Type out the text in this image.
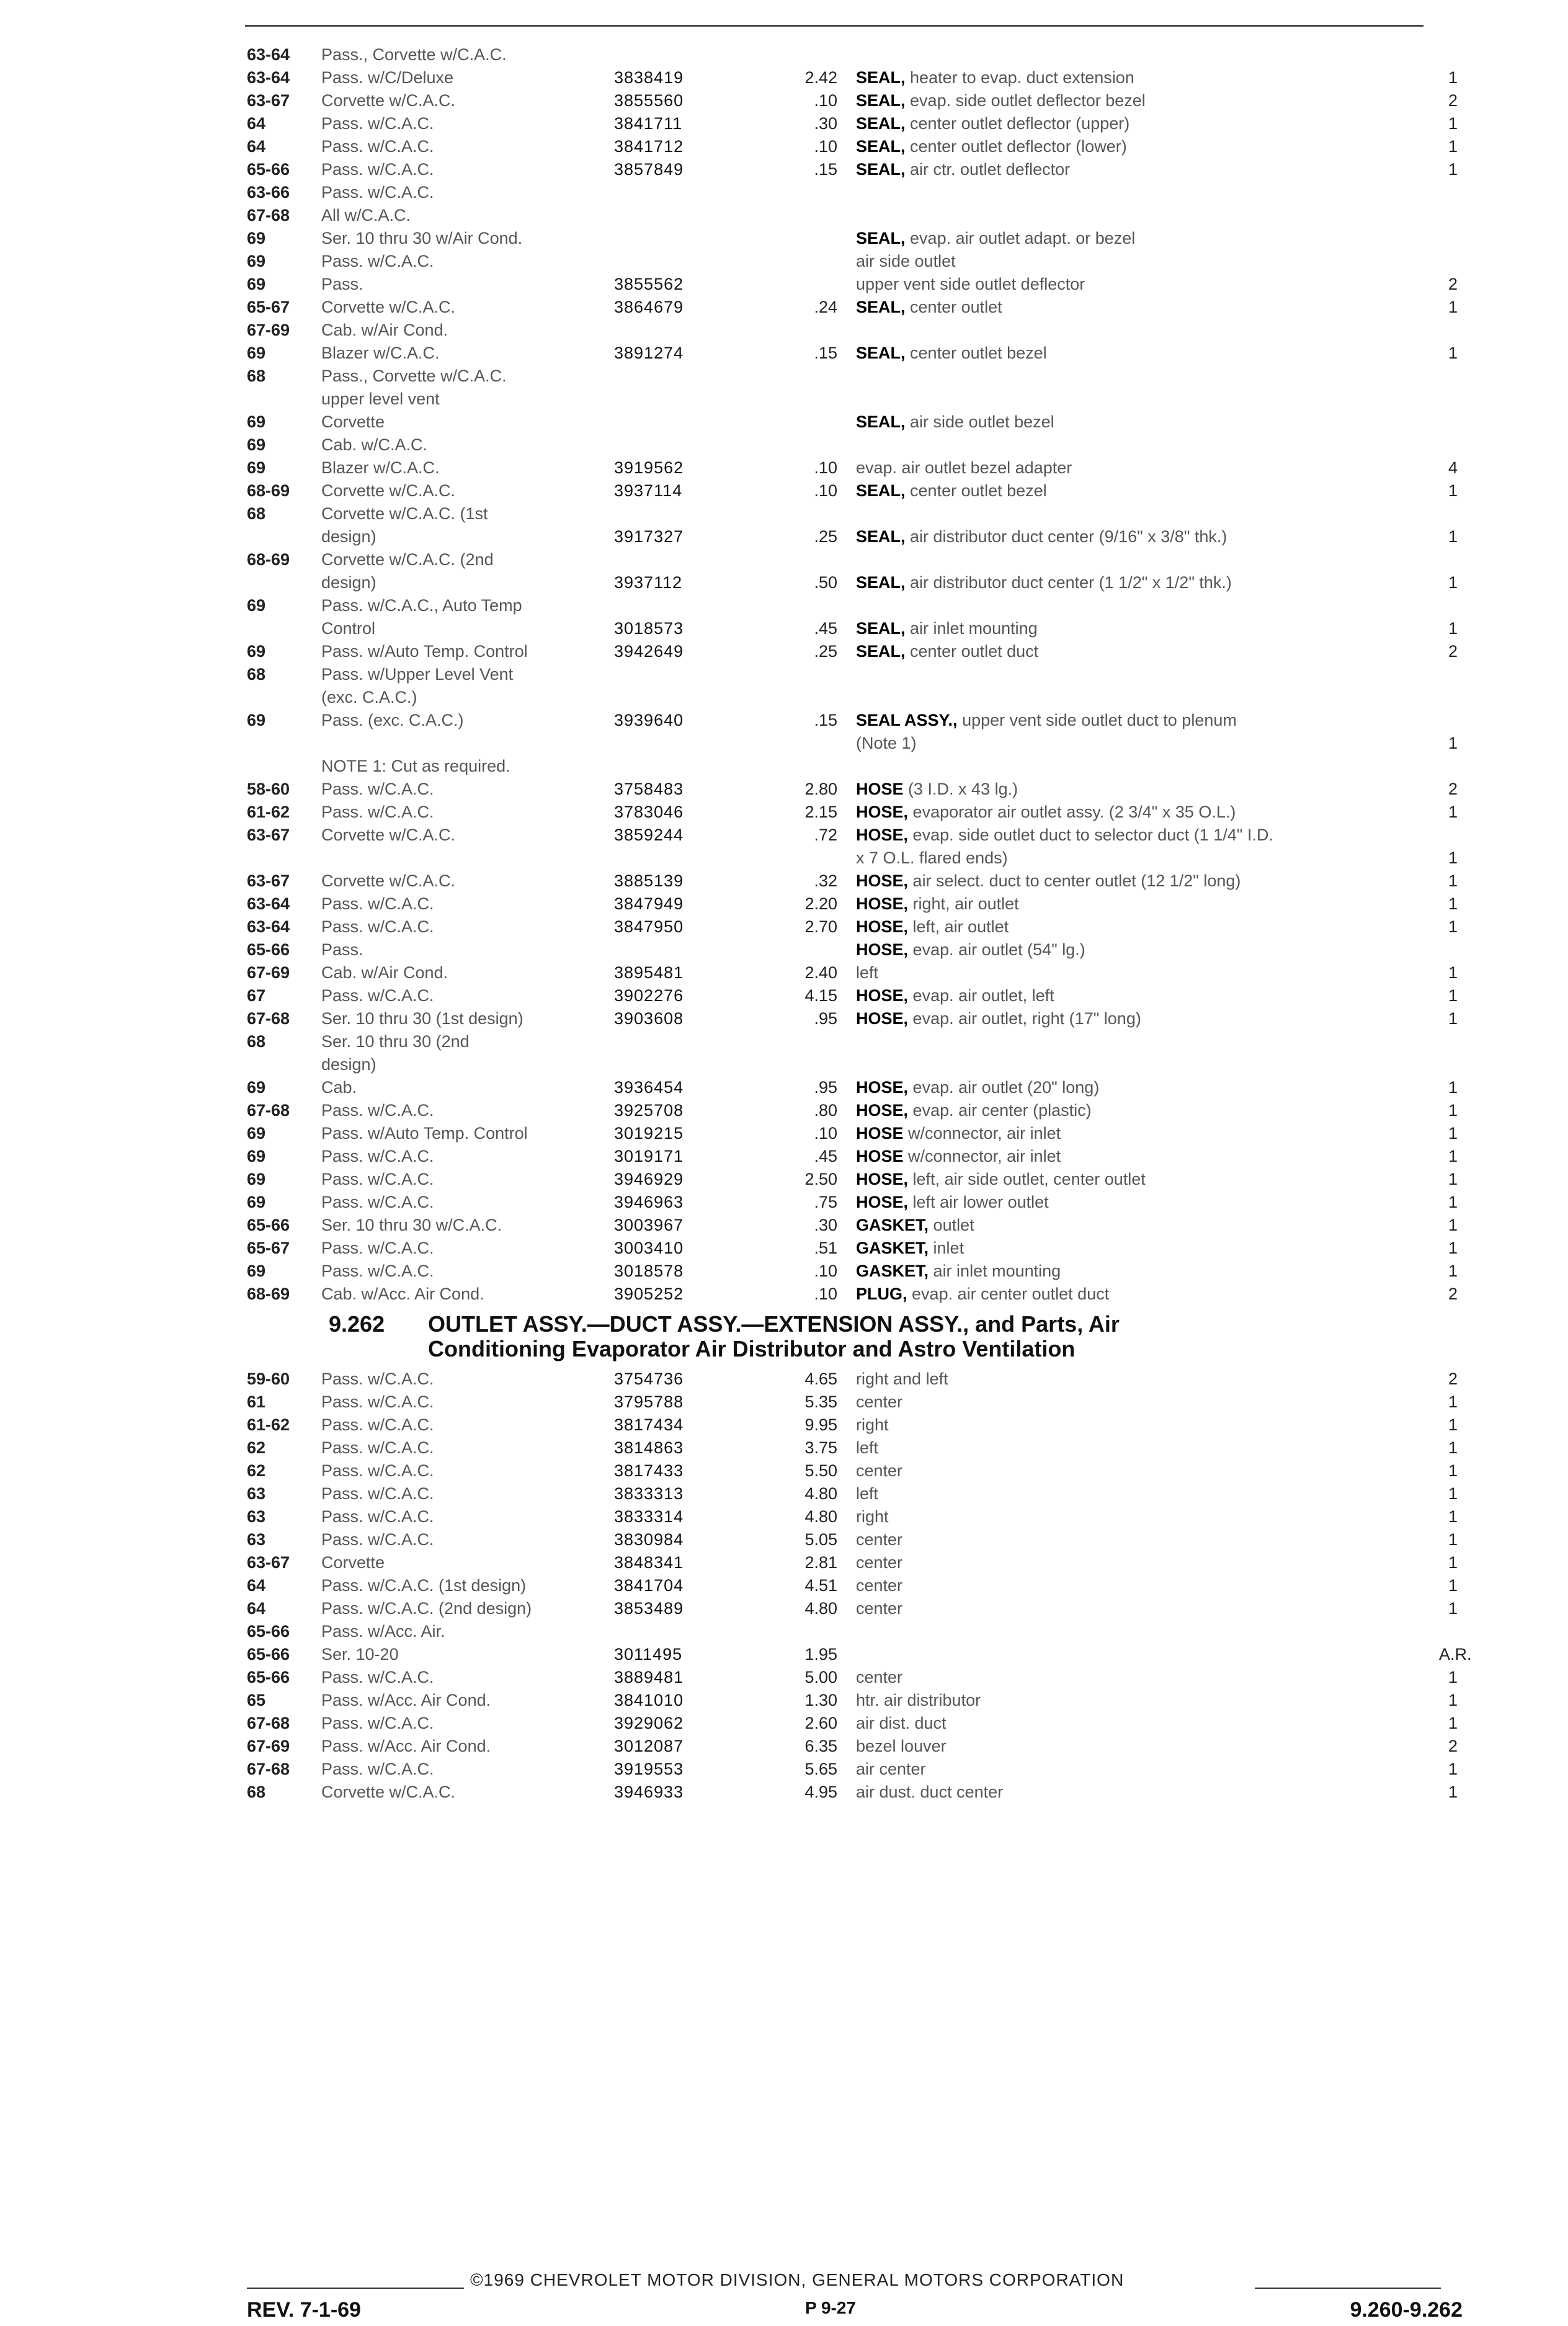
63-64 Pass., Corvette w/C.A.C.
63-64 Pass. w/C/Deluxe	3838419	2.42 SEAL, heater to evap. duct extension	1
63-67 Corvette w/C.A.C.	3855560	.10 SEAL, evap. side outlet deflector bezel	2
64	Pass. w/C.A.C.	3841711	.30 SEAL, center outlet deflector (upper)	1
64	Pass. w/C.A.C.	3841712	.10 SEAL, center outlet deflector (lower)	1
65-66 Pass. w/C.A.C.	3857849	.15 SEAL, air ctr. outlet deflector	1
63-66 Pass. w/C.A.C.
67-68 All w/C.A.C.
69	Ser. 10 thru 30 w/Air Cond.	SEAL, evap. air outlet adapt. or bezel
69	Pass. w/C.A.C.	air side outlet
69	Pass.	3855562	upper vent side outlet deflector	2
65-67 Corvette w/C.A.C.	3864679	.24 SEAL, center outlet	1
67-69 Cab. w/Air Cond.
69	Blazer w/C.A.C.	3891274	.15 SEAL, center outlet bezel	1
68	Pass., Corvette w/C.A.C.
upper level vent
69	Corvette	SEAL, air side outlet bezel
69	Cab. w/C.A.C.
69	Blazer w/C.A.C.	3919562	.10 evap. air outlet bezel adapter	4
68-69 Corvette w/C.A.C.	3937114	.10 SEAL, center outlet bezel	1
68	Corvette w/C.A.C. (1st
design)	3917327	.25 SEAL, air distributor duct center (9/16" x 3/8" thk.)	1
68-69 Corvette w/C.A.C. (2nd
design)	3937112	.50 SEAL, air distributor duct center (1 1/2" x 1/2" thk.)	1
69	Pass. w/C.A.C., Auto Temp
Control	3018573	.45 SEAL, air inlet mounting	1
69	Pass. w/Auto Temp. Control	3942649	.25 SEAL, center outlet duct	2
68	Pass. w/Upper Level Vent
(exc. C.A.C.)
69	Pass. (exc. C.A.C.)	3939640	.15 SEAL ASSY., upper vent side outlet duct to plenum
(Note 1)	1
NOTE 1: Cut as required.
58-60 Pass. w/C.A.C.	3758483	2.80 HOSE (3 I.D. x 43 lg.)	2
61-62 Pass. w/C.A.C.	3783046	2.15 HOSE, evaporator air outlet assy. (2 3/4" x 35 O.L.)	1
63-67 Corvette w/C.A.C.	3859244	.72 HOSE, evap. side outlet duct to selector duct (1 1/4" I.D.
x 7 O.L. flared ends)	1
63-67 Corvette w/C.A.C.	3885139	.32 HOSE, air select. duct to center outlet (12 1/2" long)	1
63-64 Pass. w/C.A.C.	3847949	2.20 HOSE, right, air outlet	1
63-64 Pass. w/C.A.C.	3847950	2.70 HOSE, left, air outlet	1
65-66 Pass.	HOSE, evap. air outlet (54" lg.)
67-69 Cab. w/Air Cond.	3895481	2.40 left	1
67	Pass. w/C.A.C.	3902276	4.15 HOSE, evap. air outlet, left	1
67-68 Ser. 10 thru 30 (1st design)	3903608	.95 HOSE, evap. air outlet, right (17" long)	1
68	Ser. 10 thru 30 (2nd
design)
69	Cab.	3936454	.95 HOSE, evap. air outlet (20" long)	1
67-68 Pass. w/C.A.C.	3925708	.80 HOSE, evap. air center (plastic)	1
69	Pass. w/Auto Temp. Control	3019215	.10 HOSE w/connector, air inlet	1
69	Pass. w/C.A.C.	3019171	.45 HOSE w/connector, air inlet	1
69	Pass. w/C.A.C.	3946929	2.50 HOSE, left, air side outlet, center outlet	1
69	Pass. w/C.A.C.	3946963	.75 HOSE, left air lower outlet	1
65-66 Ser. 10 thru 30 w/C.A.C.	3003967	.30 GASKET, outlet	1
65-67 Pass. w/C.A.C.	3003410	.51 GASKET, inlet	1
69	Pass. w/C.A.C.	3018578	.10 GASKET, air inlet mounting	1
68-69 Cab. w/Acc. Air Cond.	3905252	.10 PLUG, evap. air center outlet duct	2
9.262 OUTLET ASSY.—DUCT ASSY.—EXTENSION ASSY., and Parts, Air
Conditioning Evaporator Air Distributor and Astro Ventilation
59-60 Pass. w/C.A.C.	3754736	4.65 right and left	2
61	Pass. w/C.A.C.	3795788	5.35 center	1
61-62 Pass. w/C.A.C.	3817434	9.95 right	1
62	Pass. w/C.A.C.	3814863	3.75 left	1
62	Pass. w/C.A.C.	3817433	5.50 center	1
63	Pass. w/C.A.C.	3833313	4.80 left	1
63	Pass. w/C.A.C.	3833314	4.80 right	1
63	Pass. w/C.A.C.	3830984	5.05 center	1
63-67 Corvette	3848341	2.81 center	1
64	Pass. w/C.A.C. (1st design)	3841704	4.51 center	1
64	Pass. w/C.A.C. (2nd design)	3853489	4.80 center	1
65-66 Pass. w/Acc. Air.
65-66 Ser. 10-20	3011495	1.95	A.R.
65-66 Pass. w/C.A.C.	3889481	5.00 center	1
65	Pass. w/Acc. Air Cond.	3841010	1.30 htr. air distributor	1
67-68 Pass. w/C.A.C.	3929062	2.60 air dist. duct	1
67-69 Pass. w/Acc. Air Cond.	3012087	6.35 bezel louver	2
67-68 Pass. w/C.A.C.	3919553	5.65 air center	1
68	Corvette w/C.A.C.	3946933	4.95 air dust. duct center	1
©1969 CHEVROLET MOTOR DIVISION, GENERAL MOTORS CORPORATION
REV. 7-1-69	P 9-27	9.260-9.262
